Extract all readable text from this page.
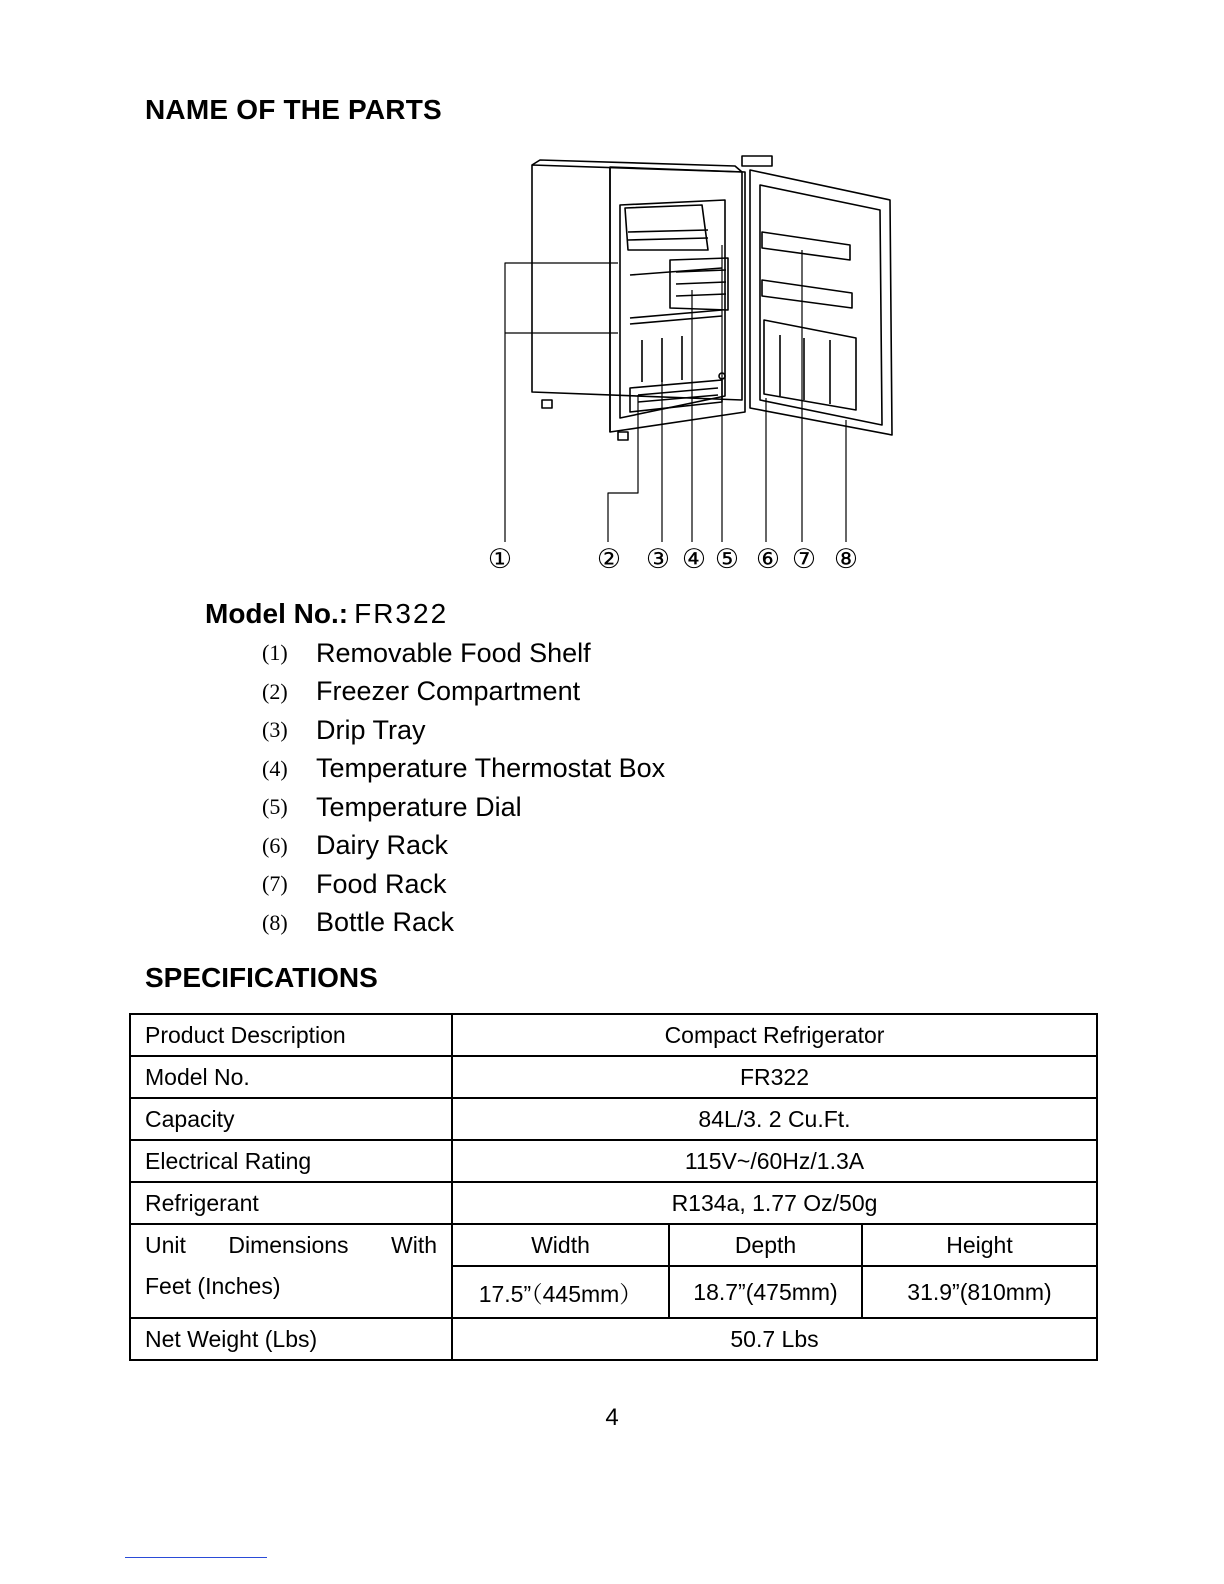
NAME OF THE PARTS
①	② ③ ④ ⑤ ⑥ ⑦ ⑧
Model No.: FR322
(1)	Removable Food Shelf
(2)	Freezer Compartment
(3)	Drip Tray
(4)	Temperature Thermostat Box
(5)	Temperature Dial
(6)	Dairy Rack
(7)	Food Rack
(8)	Bottle Rack
SPECIFICATIONS
Product Description	Compact Refrigerator		
Model No.	FR322		
Capacity	84L/3. 2 Cu.Ft.		
Electrical Rating	115V~/60Hz/1.3A		
Refrigerant	R134a, 1.77 Oz/50g		

Unit Dimensions With
Feet (Inches)	Width	Depth	Height
	17.5”（445mm）	18.7”(475mm)	31.9”(810mm)
Net Weight (Lbs)	50.7 Lbs		
4
